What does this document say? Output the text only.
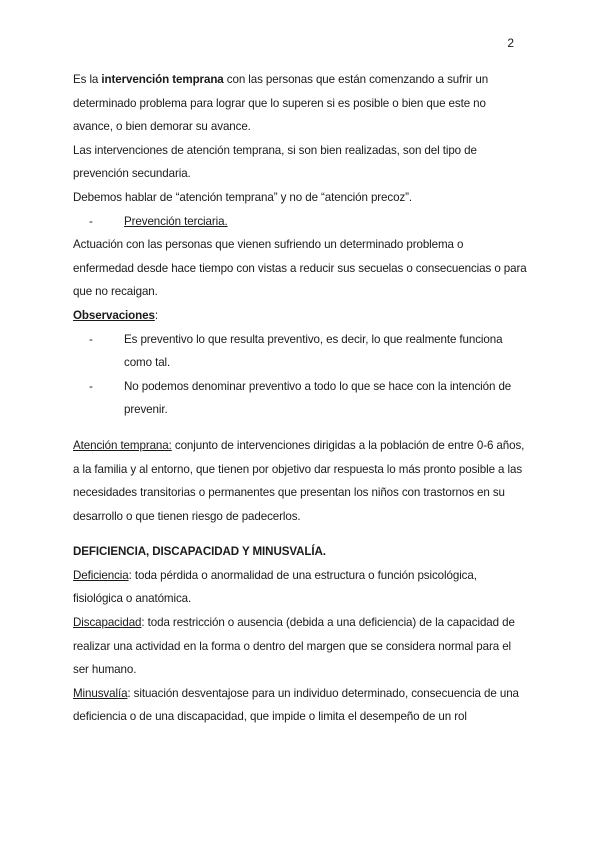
2

Es la intervención temprana con las personas que están comenzando a sufrir un determinado problema para lograr que lo superen si es posible o bien que este no avance, o bien demorar su avance.

Las intervenciones de atención temprana, si son bien realizadas, son del tipo de prevención secundaria.

Debemos hablar de “atención temprana” y no de “atención precoz”.

- Prevención terciaria.

Actuación con las personas que vienen sufriendo un determinado problema o enfermedad desde hace tiempo con vistas a reducir sus secuelas o consecuencias o para que no recaigan.

Observaciones:

- Es preventivo lo que resulta preventivo, es decir, lo que realmente funciona como tal.

- No podemos denominar preventivo a todo lo que se hace con la intención de prevenir.

Atención temprana: conjunto de intervenciones dirigidas a la población de entre 0-6 años, a la familia y al entorno, que tienen por objetivo dar respuesta lo más pronto posible a las necesidades transitorias o permanentes que presentan los niños con trastornos en su desarrollo o que tienen riesgo de padecerlos.

DEFICIENCIA, DISCAPACIDAD Y MINUSVALÍA.

Deficiencia: toda pérdida o anormalidad de una estructura o función psicológica, fisiológica o anatómica.

Discapacidad: toda restricción o ausencia (debida a una deficiencia) de la capacidad de realizar una actividad en la forma o dentro del margen que se considera normal para el ser humano.

Minusvalía: situación desventajose para un individuo determinado, consecuencia de una deficiencia o de una discapacidad, que impide o limita el desempeño de un rol
